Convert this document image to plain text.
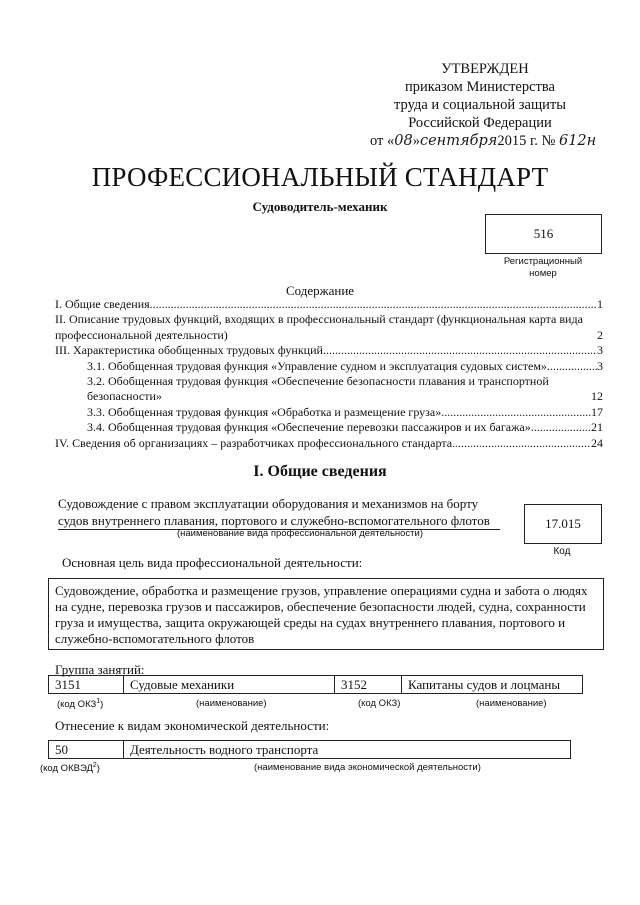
УТВЕРЖДЕН
приказом Министерства
труда и социальной защиты
Российской Федерации
от «08»сентября2015 г. № 612н
ПРОФЕССИОНАЛЬНЫЙ СТАНДАРТ
Судоводитель-механик
516
Регистрационный номер
Содержание
I. Общие сведения .....	1
II. Описание трудовых функций, входящих в профессиональный стандарт (функциональная карта вида профессиональной деятельности)	2
III. Характеристика обобщенных трудовых функций .....	3
3.1. Обобщенная трудовая функция «Управление судном и эксплуатация судовых систем» .....	3
3.2. Обобщенная трудовая функция «Обеспечение безопасности плавания и транспортной безопасности»	12
3.3. Обобщенная трудовая функция «Обработка и размещение груза» .....	17
3.4. Обобщенная трудовая функция «Обеспечение перевозки пассажиров и их багажа» .....	21
IV. Сведения об организациях – разработчиках профессионального стандарта .....	24
I. Общие сведения
Судовождение с правом эксплуатации оборудования и механизмов на борту
судов внутреннего плавания, портового и служебно-вспомогательного флотов
(наименование вида профессиональной деятельности)
17.015
Код
Основная цель вида профессиональной деятельности:
Судовождение, обработка и размещение грузов, управление операциями судна и забота о людях на судне, перевозка грузов и пассажиров, обеспечение безопасности людей, судна, сохранности груза и имущества, защита окружающей среды на судах внутреннего плавания, портового и служебно-вспомогательного флотов
Группа занятий:
3151	Судовые механики	3152	Капитаны судов и лоцманы
(код ОКЗ$^1$)	(наименование)	(код ОКЗ)	(наименование)
Отнесение к видам экономической деятельности:
50	Деятельность водного транспорта
(код ОКВЭД$^2$)	(наименование вида экономической деятельности)
